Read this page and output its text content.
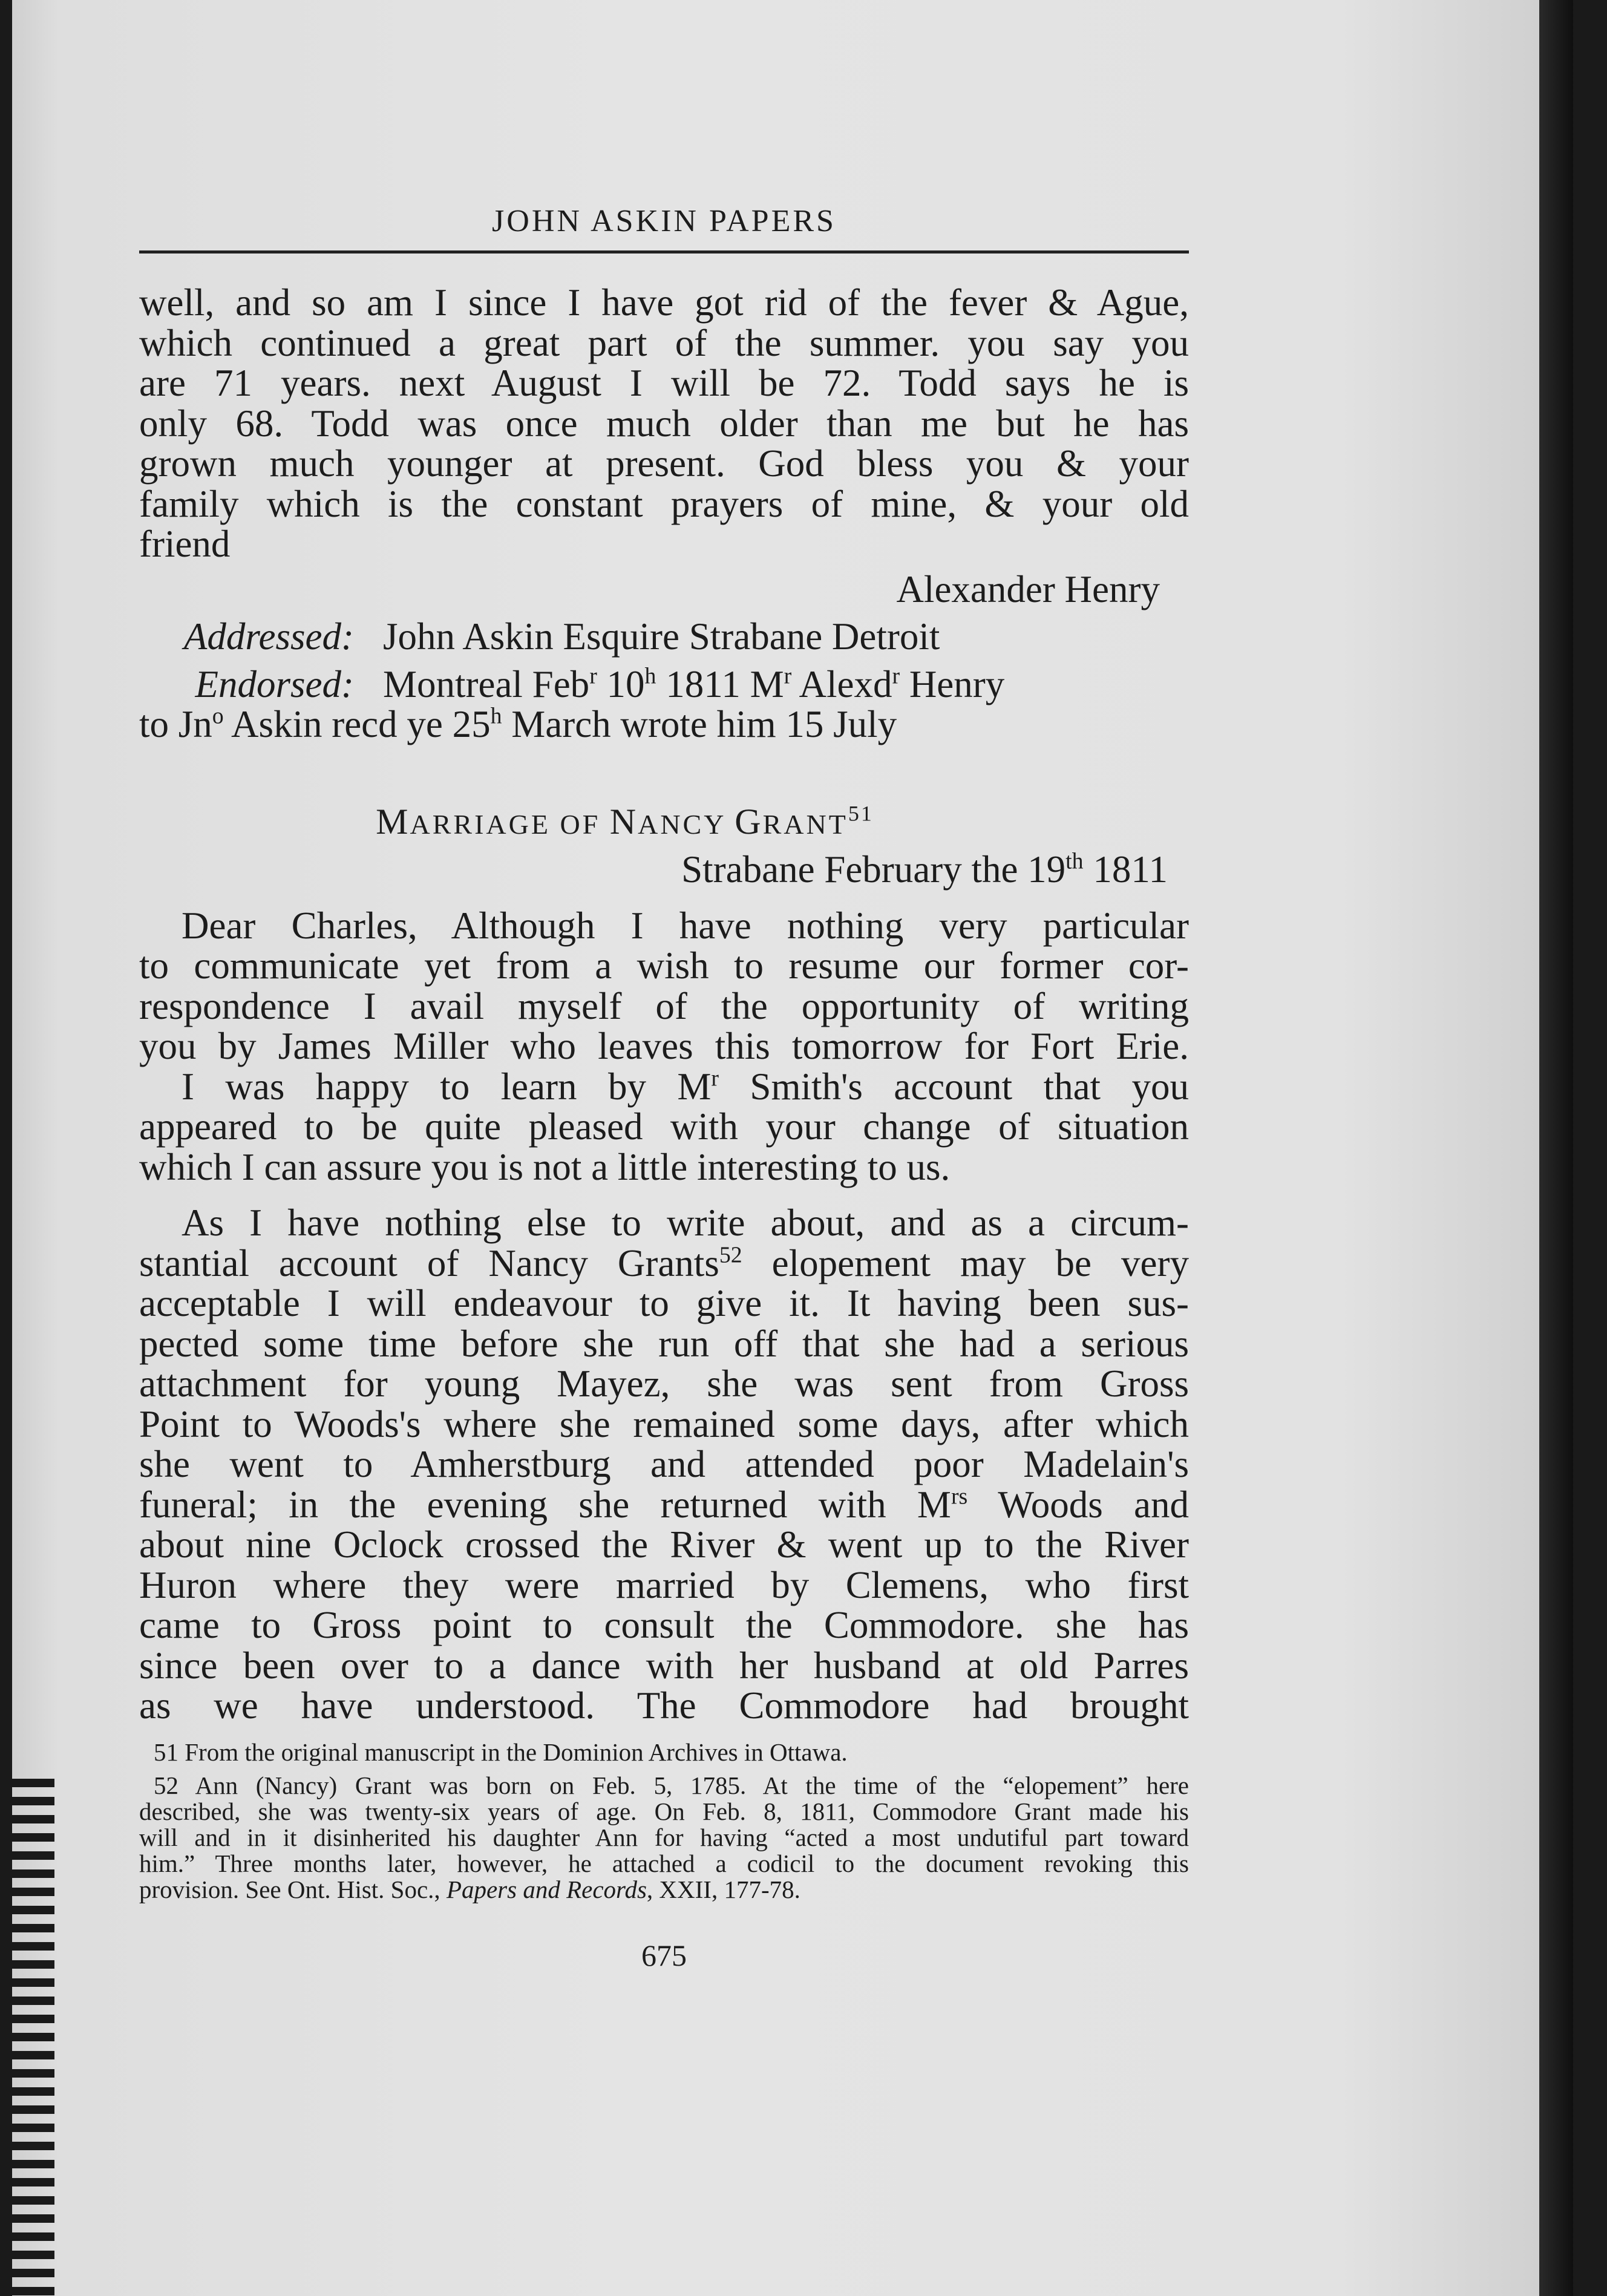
JOHN ASKIN PAPERS
well, and so am I since I have got rid of the fever & Ague,
which continued a great part of the summer. you say you
are 71 years. next August I will be 72. Todd says he is
only 68. Todd was once much older than me but he has
grown much younger at present. God bless you & your
family which is the constant prayers of mine, & your old
friend
Alexander Henry
Addressed: John Askin Esquire Strabane Detroit
Endorsed: Montreal Feb$^r$ 10$^h$ 1811 $M^r$ Alexd$^r$ Henry
to Jn$^o$ Askin recd ye 25$^h$ March wrote him 15 July
MARRIAGE OF NANCY GRANT$^{51}$
Strabane February the 19th 1811
Dear Charles, Although I have nothing very particular
to communicate yet from a wish to resume our former cor-
respondence I avail myself of the opportunity of writing
you by James Miller who leaves this tomorrow for Fort Erie.
I was happy to learn by $M^r$ Smith's account that you
appeared to be quite pleased with your change of situation
which I can assure you is not a little interesting to us.
As I have nothing else to write about, and as a circum-
stantial account of Nancy Grants$^{52}$ elopement may be very
acceptable I will endeavour to give it. It having been sus-
pected some time before she run off that she had a serious
attachment for young Mayez, she was sent from Gross
Point to Woods's where she remained some days, after which
she went to Amherstburg and attended poor Madelain's
funeral; in the evening she returned with $M^{rs}$ Woods and
about nine Oclock crossed the River & went up to the River
Huron where they were married by Clemens, who first
came to Gross point to consult the Commodore. she has
since been over to a dance with her husband at old Parres
as we have understood. The Commodore had brought
51 From the original manuscript in the Dominion Archives in Ottawa.
52 Ann (Nancy) Grant was born on Feb. 5, 1785. At the time of the “elopement” here
described, she was twenty-six years of age. On Feb. 8, 1811, Commodore Grant made his
will and in it disinherited his daughter Ann for having “acted a most undutiful part toward
him.” Three months later, however, he attached a codicil to the document revoking this
provision. See Ont. Hist. Soc., Papers and Records, XXII, 177-78.
675
